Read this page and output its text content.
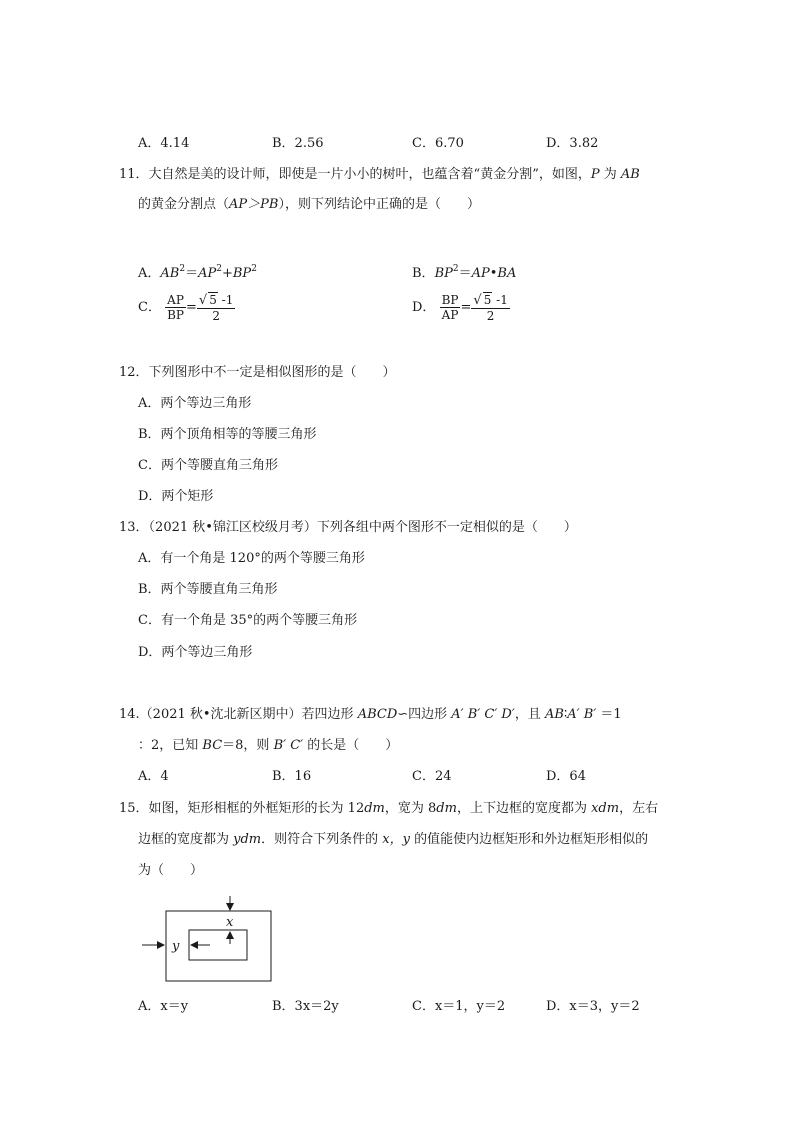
A．4.14	B．2.56	C．6.70	D．3.82
11．大自然是美的设计师，即使是一片小小的树叶，也蕴含着“黄金分割”，如图，P 为 AB
的黄金分割点（AP＞PB），则下列结论中正确的是（　　）
A．$AB^2=AP^2+BP^2$	B．$BP^2=AP•BA$
C． $\frac{AP}{BP} = \frac{√ 5 -1}{2}$	D． $\frac{BP}{AP} = \frac{√ 5 -1}{2}$
12．下列图形中不一定是相似图形的是（　　）
A．两个等边三角形
B．两个顶角相等的等腰三角形
C．两个等腰直角三角形
D．两个矩形
13．（2021 秋•锦江区校级月考）下列各组中两个图形不一定相似的是（　　）
A．有一个角是 120°的两个等腰三角形
B．两个等腰直角三角形
C．有一个角是 35°的两个等腰三角形
D．两个等边三角形
14.（2021 秋•沈北新区期中）若四边形 ABCD∽四边形 A′ B′ C′ D′，且 AB∶A′ B′ ＝1
：2，已知 BC＝8，则 B′ C′ 的长是（　　）
A．4	B．16	C．24	D．64
15．如图，矩形相框的外框矩形的长为 12dm，宽为 8dm，上下边框的宽度都为 xdm，左右
边框的宽度都为 ydm．则符合下列条件的 x，y 的值能使内边框矩形和外边框矩形相似的
为（　　）
x
y
A．x＝y	B．3x＝2y	C．x＝1，y＝2	D．x＝3，y＝2
